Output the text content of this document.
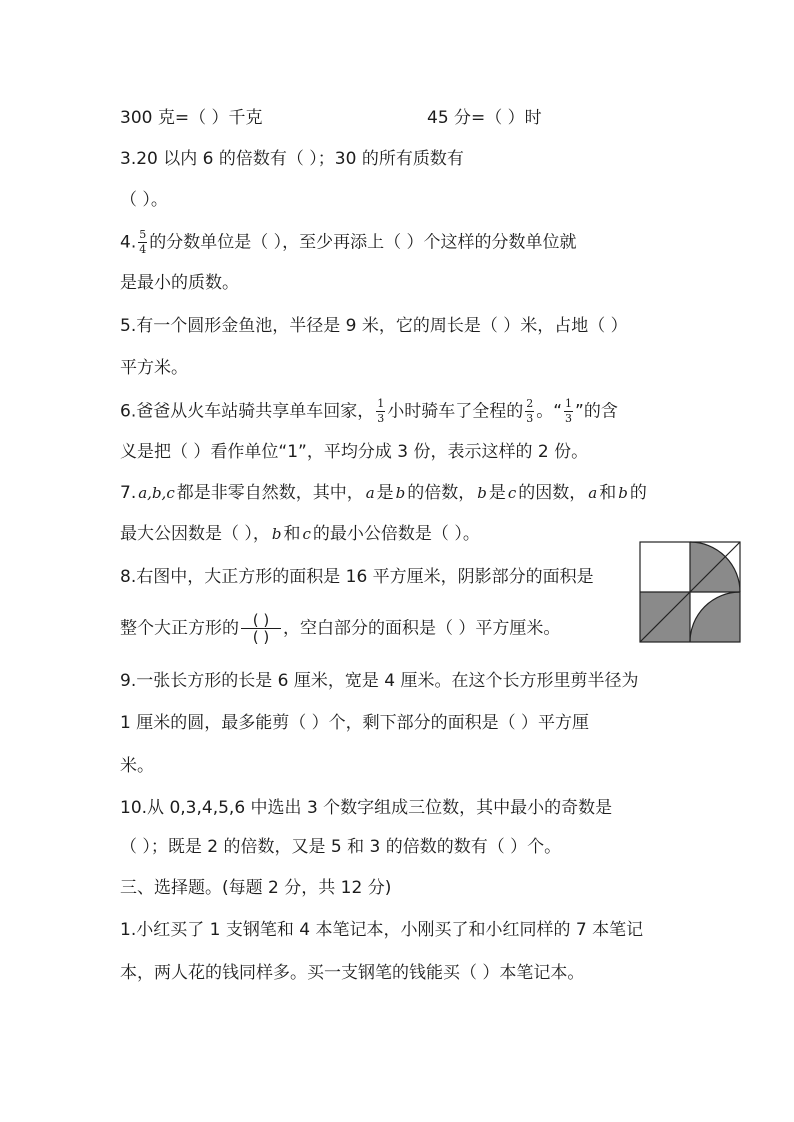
300 克=（ ）千克	45 分=（ ）时
3.20 以内 6 的倍数有（ ）；30 的所有质数有
（ ）。
4. $\frac{5}{4}$ 的分数单位是（ ），至少再添上（ ）个这样的分数单位就
是最小的质数。
5.有一个圆形金鱼池，半径是 9 米，它的周长是（ ）米，占地（ ）
平方米。
6.爸爸从火车站骑共享单车回家， $\frac{1}{3}$ 小时骑车了全程的 $\frac{2}{3}$ 。“ $\frac{1}{3}$ ”的含
义是把（ ）看作单位“1”，平均分成 3 份，表示这样的 2 份。
7. a,b,c 都是非零自然数，其中， a 是 b 的倍数， b 是 c 的因数， a 和 b 的
最大公因数是（ ）， b 和 c 的最小公倍数是（ ）。
8.右图中，大正方形的面积是 16 平方厘米，阴影部分的面积是
整个大正方形的 ( )
( ) ，空白部分的面积是（ ）平方厘米。
9.一张长方形的长是 6 厘米，宽是 4 厘米。在这个长方形里剪半径为
1 厘米的圆，最多能剪（ ）个，剩下部分的面积是（ ）平方厘
米。
10.从 0,3,4,5,6 中选出 3 个数字组成三位数，其中最小的奇数是
（ ）；既是 2 的倍数，又是 5 和 3 的倍数的数有（ ）个。
三、选择题。(每题 2 分，共 12 分)
1.小红买了 1 支钢笔和 4 本笔记本，小刚买了和小红同样的 7 本笔记
本，两人花的钱同样多。买一支钢笔的钱能买（ ）本笔记本。
